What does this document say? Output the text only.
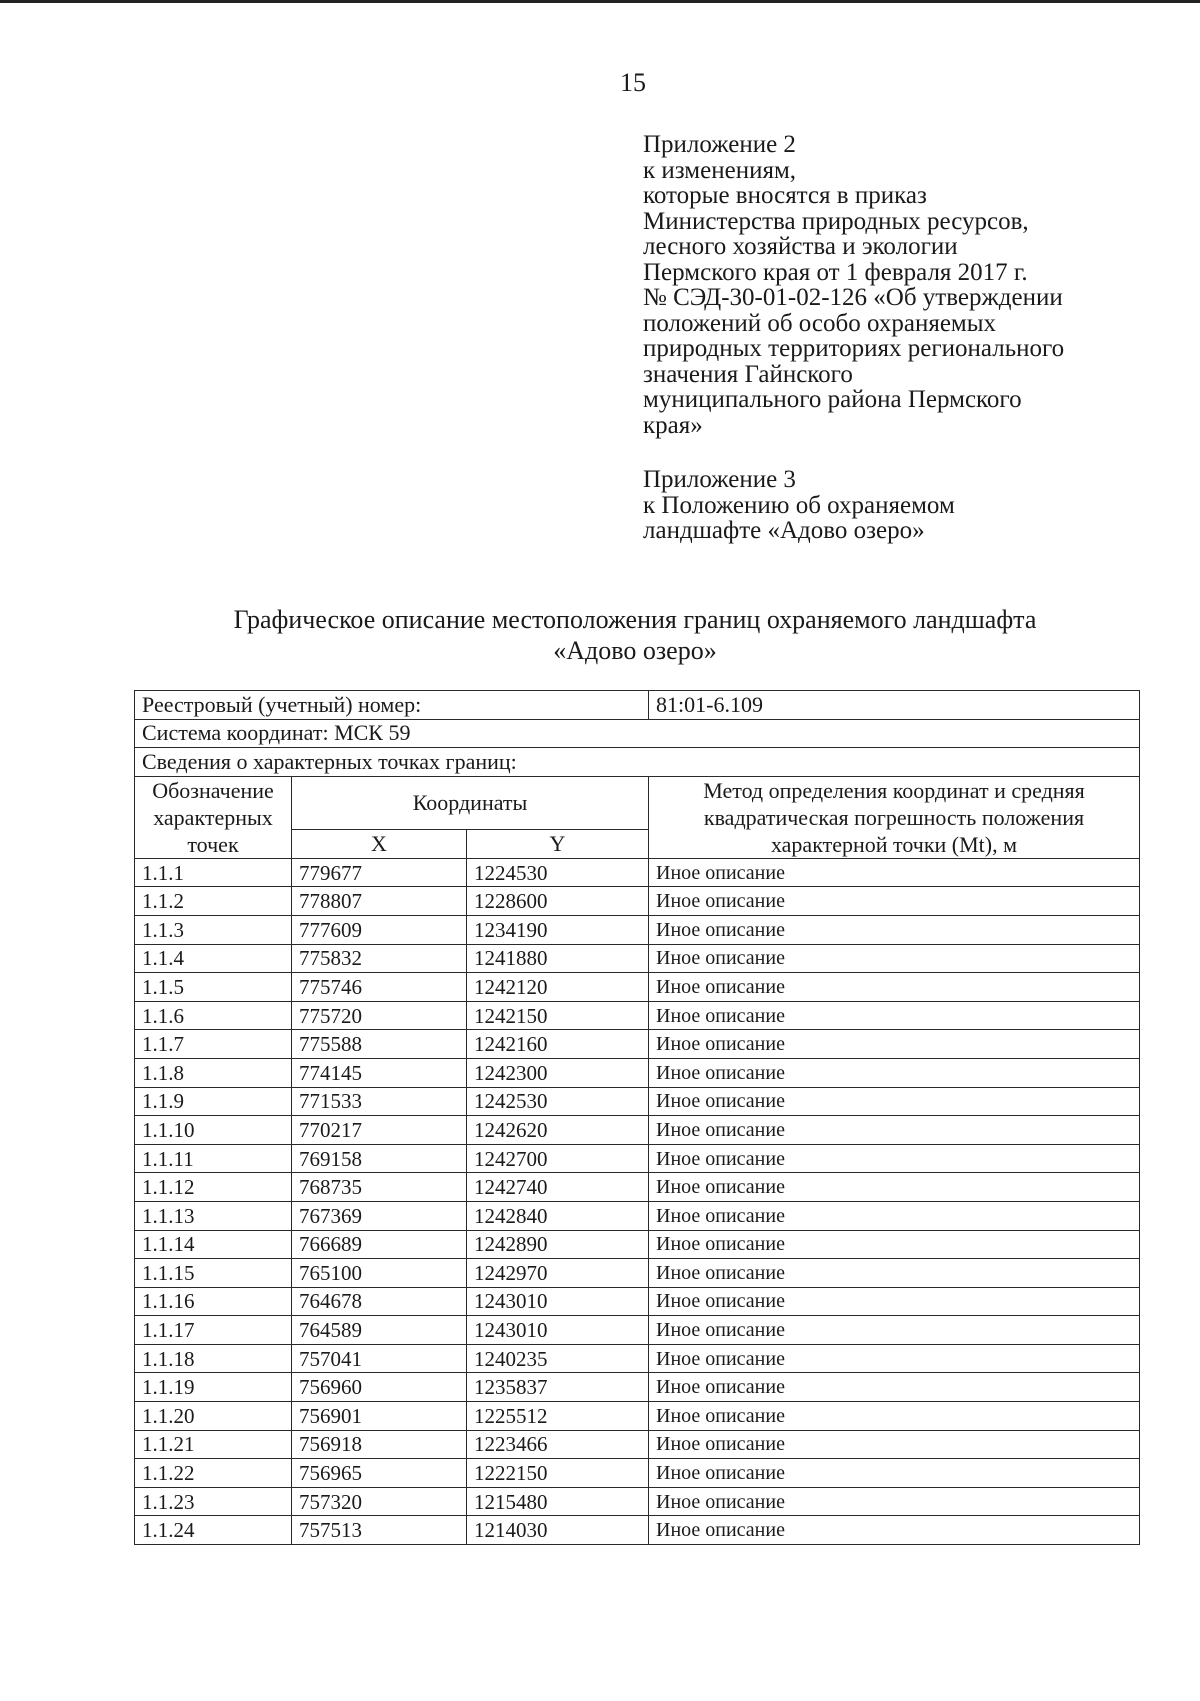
15
Приложение 2
к изменениям,
которые вносятся в приказ
Министерства природных ресурсов,
лесного хозяйства и экологии
Пермского края от 1 февраля 2017 г.
№ СЭД-30-01-02-126 «Об утверждении
положений об особо охраняемых
природных территориях регионального
значения Гайнского
муниципального района Пермского
края»
Приложение 3
к Положению об охраняемом
ландшафте «Адово озеро»
Графическое описание местоположения границ охраняемого ландшафта
«Адово озеро»
Реестровый (учетный) номер:			81:01-6.109
Система координат: МСК 59			
Сведения о характерных точках границ:			
Обозначение характерных точек	Координаты		Метод определения координат и средняя квадратическая погрешность положения характерной точки (Mt), м
	X	Y	
1.1.1	779677	1224530	Иное описание
1.1.2	778807	1228600	Иное описание
1.1.3	777609	1234190	Иное описание
1.1.4	775832	1241880	Иное описание
1.1.5	775746	1242120	Иное описание
1.1.6	775720	1242150	Иное описание
1.1.7	775588	1242160	Иное описание
1.1.8	774145	1242300	Иное описание
1.1.9	771533	1242530	Иное описание
1.1.10	770217	1242620	Иное описание
1.1.11	769158	1242700	Иное описание
1.1.12	768735	1242740	Иное описание
1.1.13	767369	1242840	Иное описание
1.1.14	766689	1242890	Иное описание
1.1.15	765100	1242970	Иное описание
1.1.16	764678	1243010	Иное описание
1.1.17	764589	1243010	Иное описание
1.1.18	757041	1240235	Иное описание
1.1.19	756960	1235837	Иное описание
1.1.20	756901	1225512	Иное описание
1.1.21	756918	1223466	Иное описание
1.1.22	756965	1222150	Иное описание
1.1.23	757320	1215480	Иное описание
1.1.24	757513	1214030	Иное описание
